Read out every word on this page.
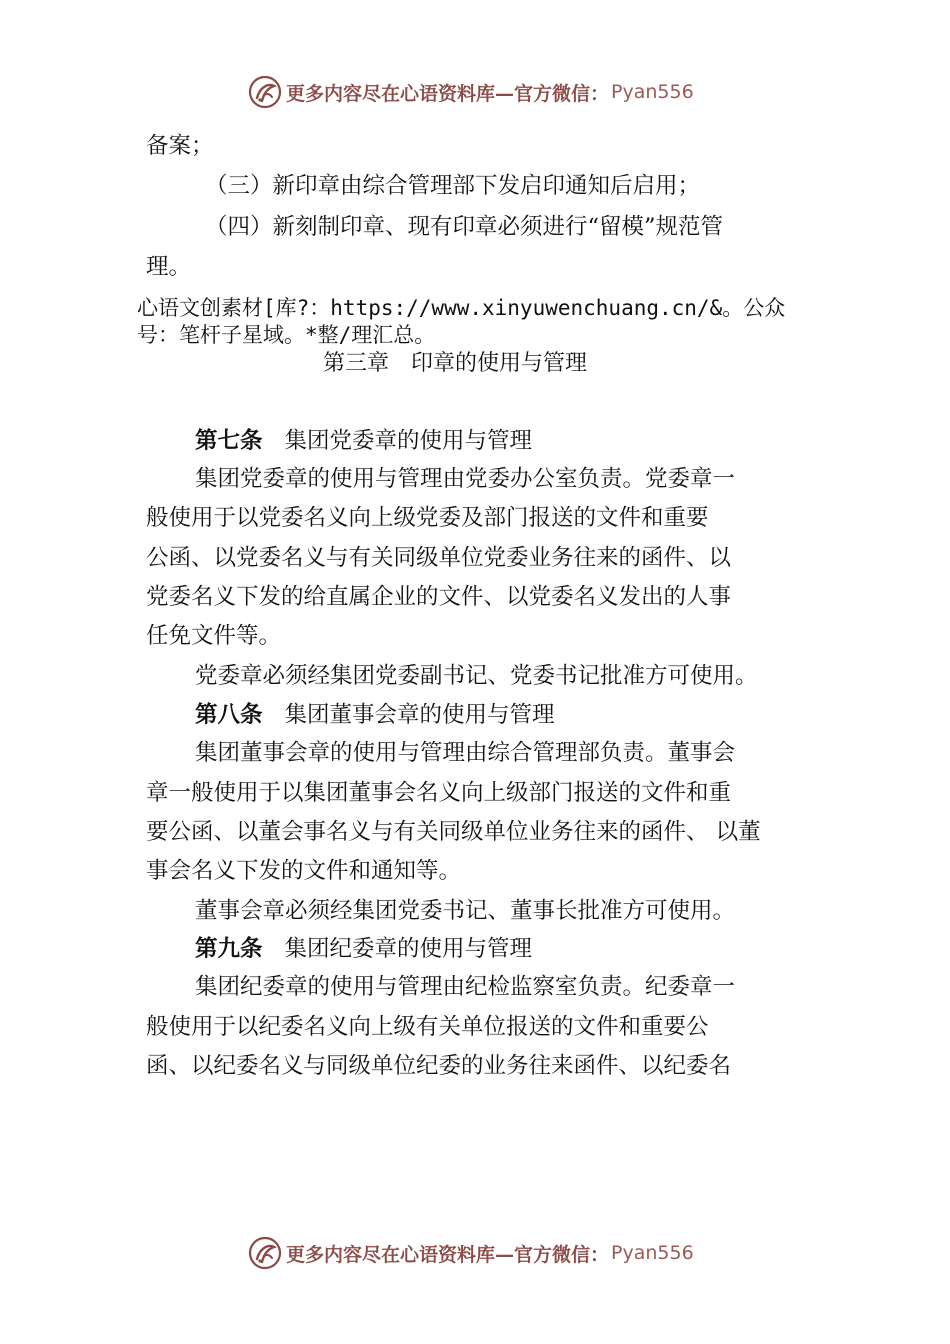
更多内容尽在心语资料库—官方微信： Pyan556
备案；
（三）新印章由综合管理部下发启印通知后启用；
（四）新刻制印章、现有印章必须进行“留模”规范管
理。
心语文创素材[库?：https://www.xinyuwenchuang.cn/&。公众
号：笔杆子星域。*整/理汇总。
第三章　印章的使用与管理
第七条 集团党委章的使用与管理
集团党委章的使用与管理由党委办公室负责。党委章一
般使用于以党委名义向上级党委及部门报送的文件和重要
公函、以党委名义与有关同级单位党委业务往来的函件、以
党委名义下发的给直属企业的文件、以党委名义发出的人事
任免文件等。
党委章必须经集团党委副书记、党委书记批准方可使用。
第八条 集团董事会章的使用与管理
集团董事会章的使用与管理由综合管理部负责。董事会
章一般使用于以集团董事会名义向上级部门报送的文件和重
要公函、以董会事名义与有关同级单位业务往来的函件、 以董
事会名义下发的文件和通知等。
董事会章必须经集团党委书记、董事长批准方可使用。
第九条 集团纪委章的使用与管理
集团纪委章的使用与管理由纪检监察室负责。纪委章一
般使用于以纪委名义向上级有关单位报送的文件和重要公
函、以纪委名义与同级单位纪委的业务往来函件、以纪委名
更多内容尽在心语资料库—官方微信： Pyan556
